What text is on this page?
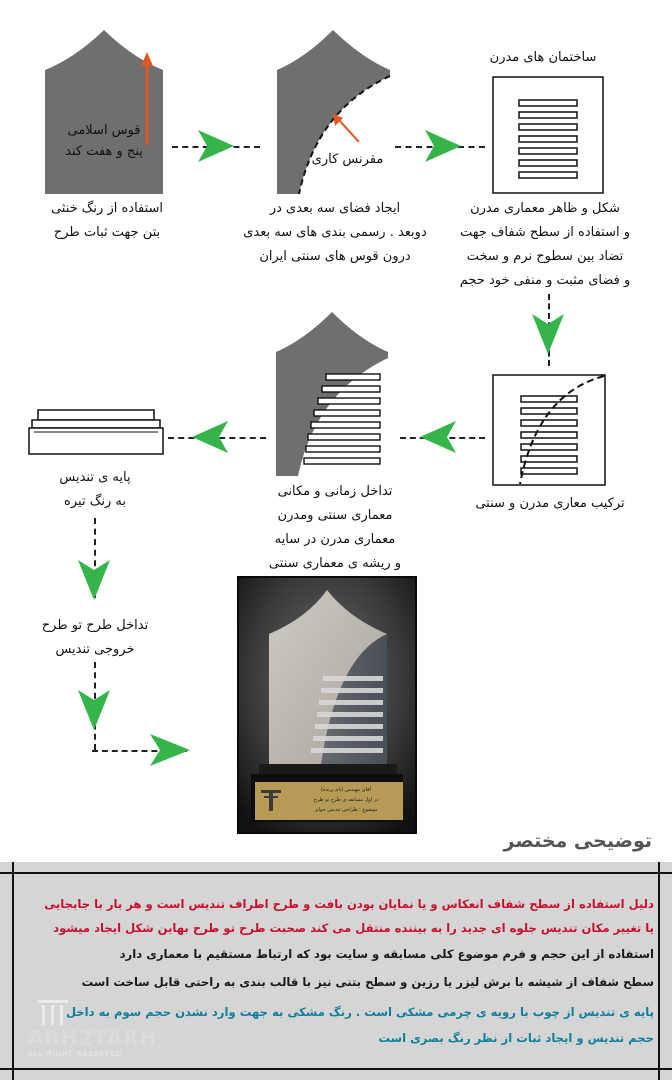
قوس اسلامی
پنج و هفت کند
استفاده از رنگ خنثی
بتن جهت ثبات طرح
مقرنس کاری
ایجاد فضای سه بعدی در
دوبعد . رسمی بندی های سه بعدی
درون قوس های سنتی ایران
ساختمان های مدرن
شکل و ظاهر معماری مدرن
و استفاده از سطح شفاف جهت
تضاد بین سطوح نرم و سخت
و فضای مثبت و منفی خود حجم
ترکیب معاری مدرن و سنتی
تداخل زمانی و مکانی
معماری سنتی ومدرن
معماری مدرن در سایه
و ریشه ی معماری سنتی
پایه ی تندیس
به رنگ تیره
تداخل طرح تو طرح
خروجی تندیس
آقای مهندس (نام برنده)
در اول مسابقه ی طرح تو طرح
موضوع : طراحی تندیس جوایز
توضیحی مختصر
دلیل استفاده از سطح شفاف انعکاس و یا نمایان بودن بافت و طرح اطراف تندیس است و هر بار با جابجایی
یا تغییر مکان تندیس جلوه ای جدید را به بیننده منتقل می کند صحبت طرح تو طرح بهاین شکل ایجاد میشود
استفاده از این حجم و فرم موضوع کلی مسابقه و سایت بود که ارتباط مستقیم با معماری دارد
سطح شفاف از شیشه با برش لیزر یا رزین و سطح بتنی نیز با قالب بندی به راحتی قابل ساخت است
پایه ی تندیس از چوب با رویه ی چرمی مشکی است . رنگ مشکی به جهت وارد نشدن حجم سوم به داخل
حجم تندیس و ایجاد ثبات از نظر رنگ بصری است
ARH2TARH
ALL RIGHT RESERVED
